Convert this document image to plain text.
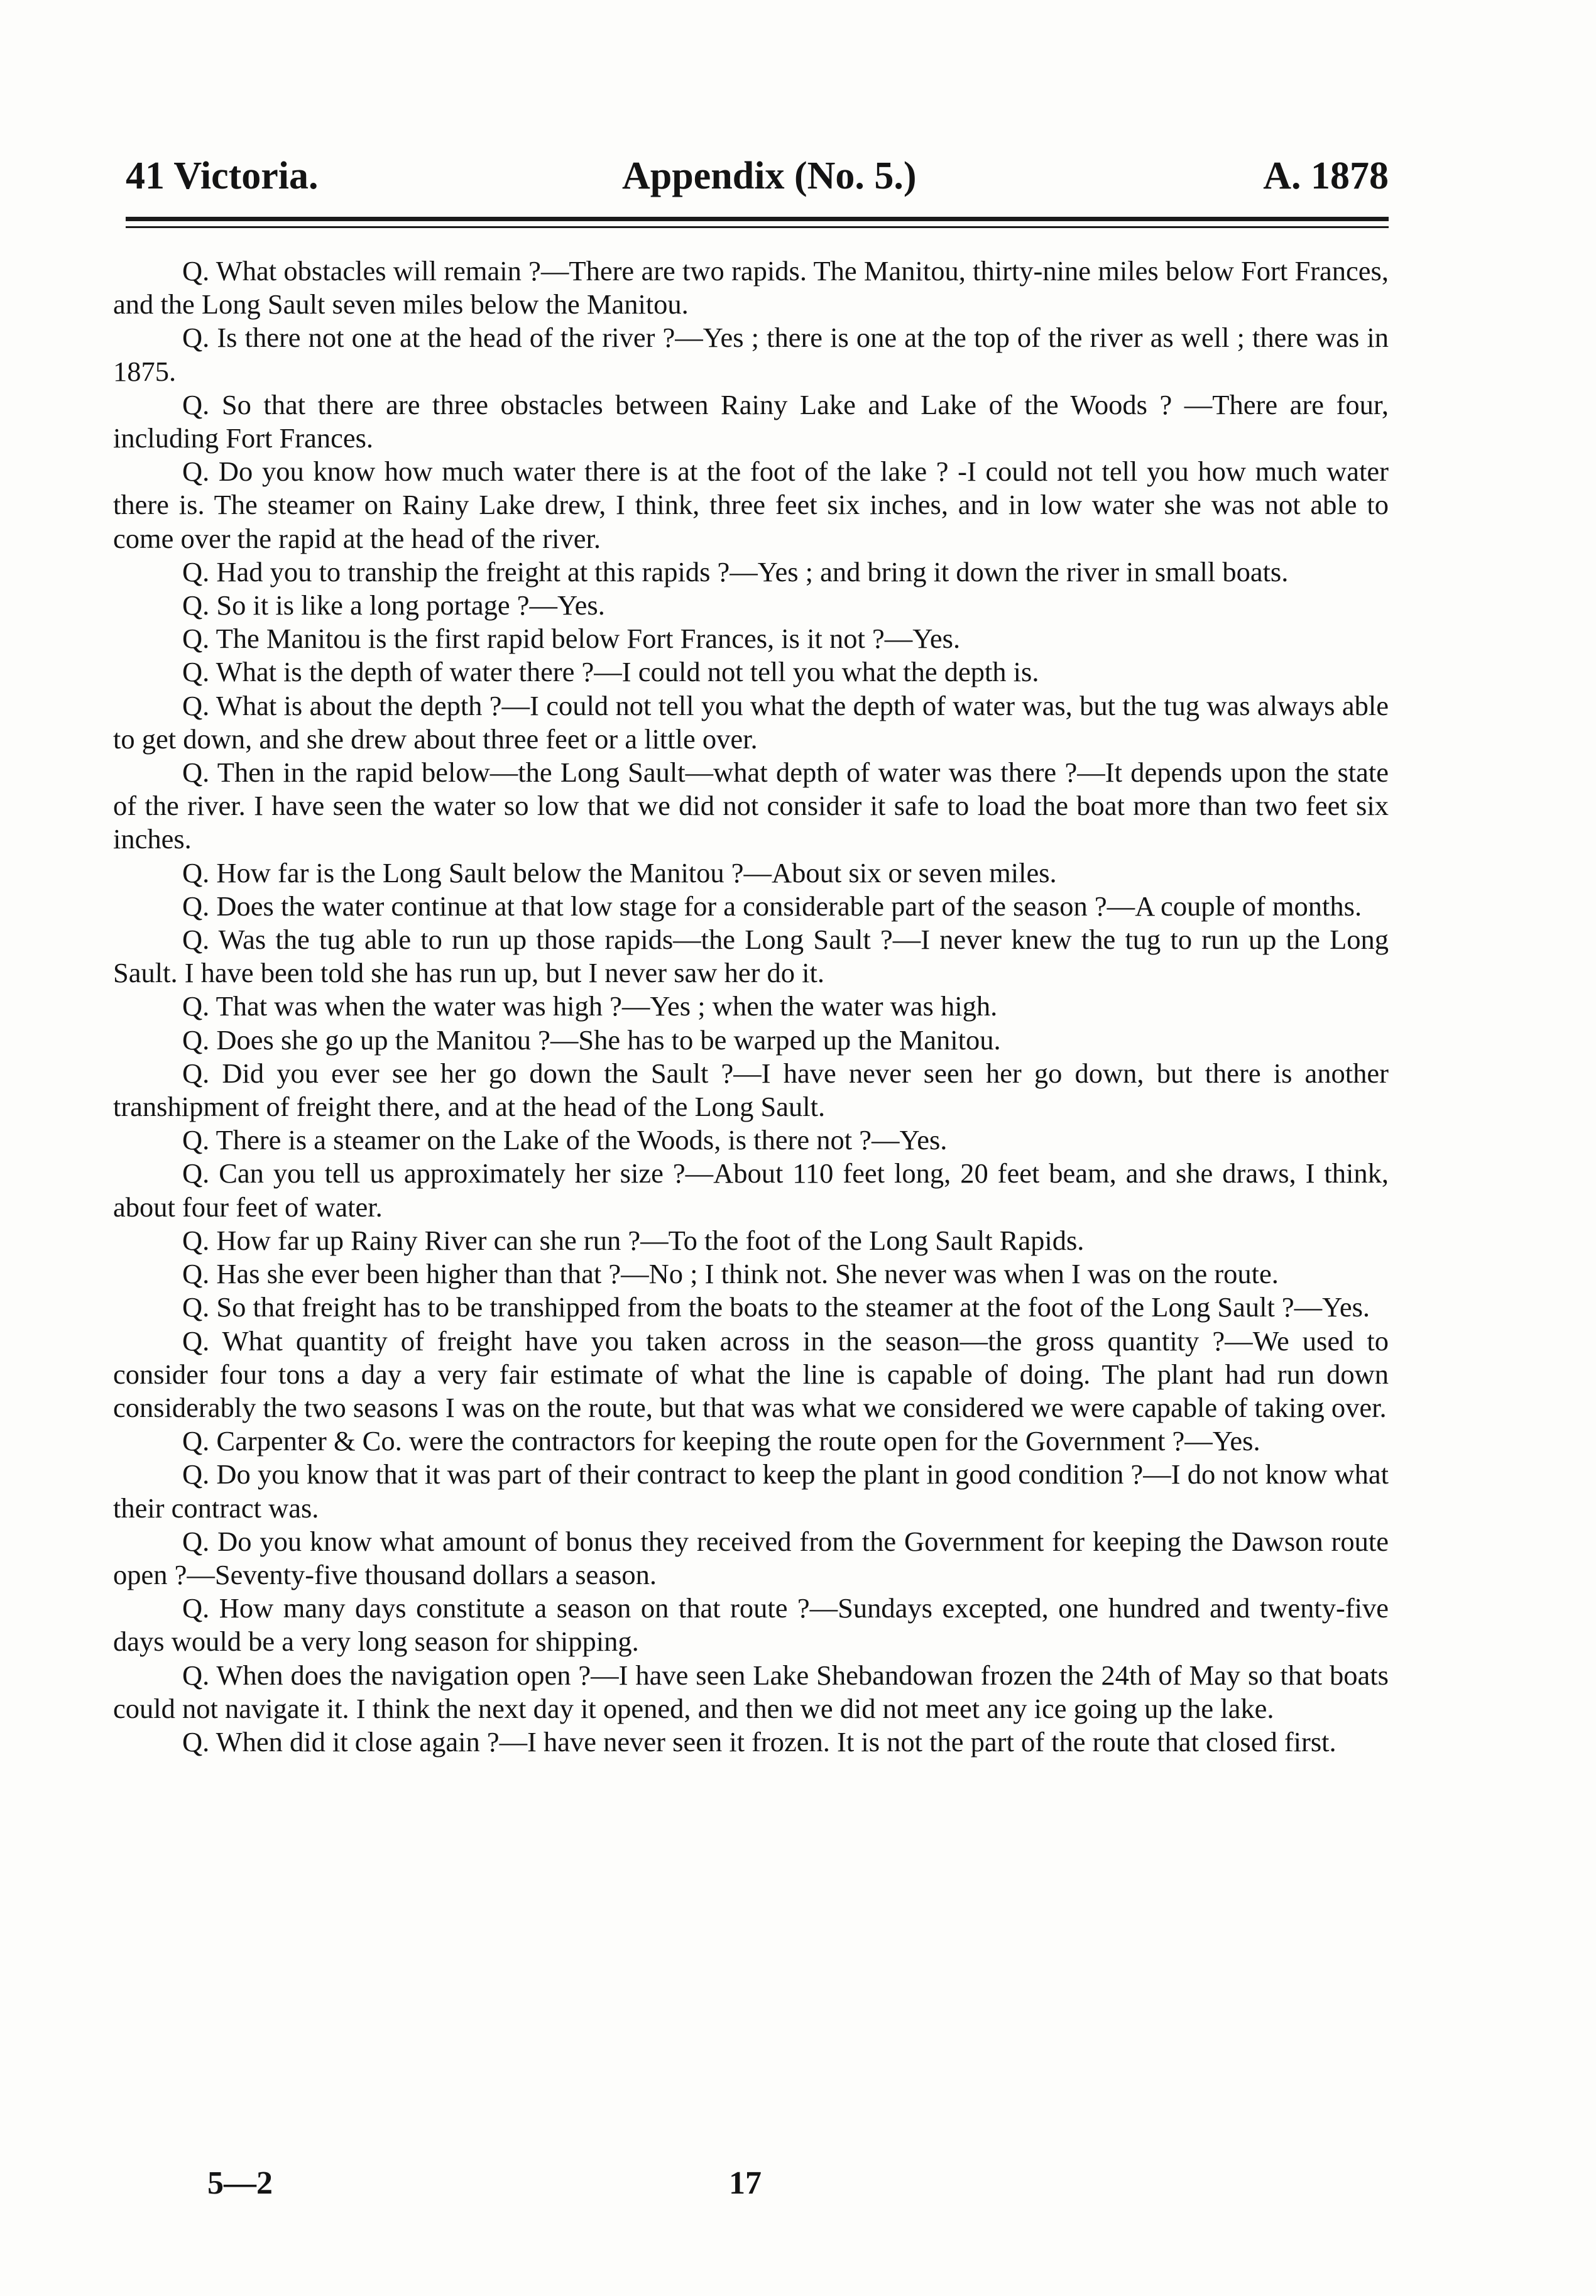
41 Victoria.	Appendix (No. 5.)	A. 1878

Q. What obstacles will remain ?—There are two rapids. The Manitou, thirty-nine miles below Fort Frances, and the Long Sault seven miles below the Manitou.

Q. Is there not one at the head of the river ?—Yes ; there is one at the top of the river as well ; there was in 1875.

Q. So that there are three obstacles between Rainy Lake and Lake of the Woods ? —There are four, including Fort Frances.

Q. Do you know how much water there is at the foot of the lake ? -I could not tell you how much water there is. The steamer on Rainy Lake drew, I think, three feet six inches, and in low water she was not able to come over the rapid at the head of the river.

Q. Had you to tranship the freight at this rapids ?—Yes ; and bring it down the river in small boats.

Q. So it is like a long portage ?—Yes.

Q. The Manitou is the first rapid below Fort Frances, is it not ?—Yes.

Q. What is the depth of water there ?—I could not tell you what the depth is.

Q. What is about the depth ?—I could not tell you what the depth of water was, but the tug was always able to get down, and she drew about three feet or a little over.

Q. Then in the rapid below—the Long Sault—what depth of water was there ?—It depends upon the state of the river. I have seen the water so low that we did not consider it safe to load the boat more than two feet six inches.

Q. How far is the Long Sault below the Manitou ?—About six or seven miles.

Q. Does the water continue at that low stage for a considerable part of the season ?—A couple of months.

Q. Was the tug able to run up those rapids—the Long Sault ?—I never knew the tug to run up the Long Sault. I have been told she has run up, but I never saw her do it.

Q. That was when the water was high ?—Yes ; when the water was high.

Q. Does she go up the Manitou ?—She has to be warped up the Manitou.

Q. Did you ever see her go down the Sault ?—I have never seen her go down, but there is another transhipment of freight there, and at the head of the Long Sault.

Q. There is a steamer on the Lake of the Woods, is there not ?—Yes.

Q. Can you tell us approximately her size ?—About 110 feet long, 20 feet beam, and she draws, I think, about four feet of water.

Q. How far up Rainy River can she run ?—To the foot of the Long Sault Rapids.

Q. Has she ever been higher than that ?—No ; I think not. She never was when I was on the route.

Q. So that freight has to be transhipped from the boats to the steamer at the foot of the Long Sault ?—Yes.

Q. What quantity of freight have you taken across in the season—the gross quantity ?—We used to consider four tons a day a very fair estimate of what the line is capable of doing. The plant had run down considerably the two seasons I was on the route, but that was what we considered we were capable of taking over.

Q. Carpenter & Co. were the contractors for keeping the route open for the Government ?—Yes.

Q. Do you know that it was part of their contract to keep the plant in good condition ?—I do not know what their contract was.

Q. Do you know what amount of bonus they received from the Government for keeping the Dawson route open ?—Seventy-five thousand dollars a season.

Q. How many days constitute a season on that route ?—Sundays excepted, one hundred and twenty-five days would be a very long season for shipping.

Q. When does the navigation open ?—I have seen Lake Shebandowan frozen the 24th of May so that boats could not navigate it. I think the next day it opened, and then we did not meet any ice going up the lake.

Q. When did it close again ?—I have never seen it frozen. It is not the part of the route that closed first.

5—2	17
